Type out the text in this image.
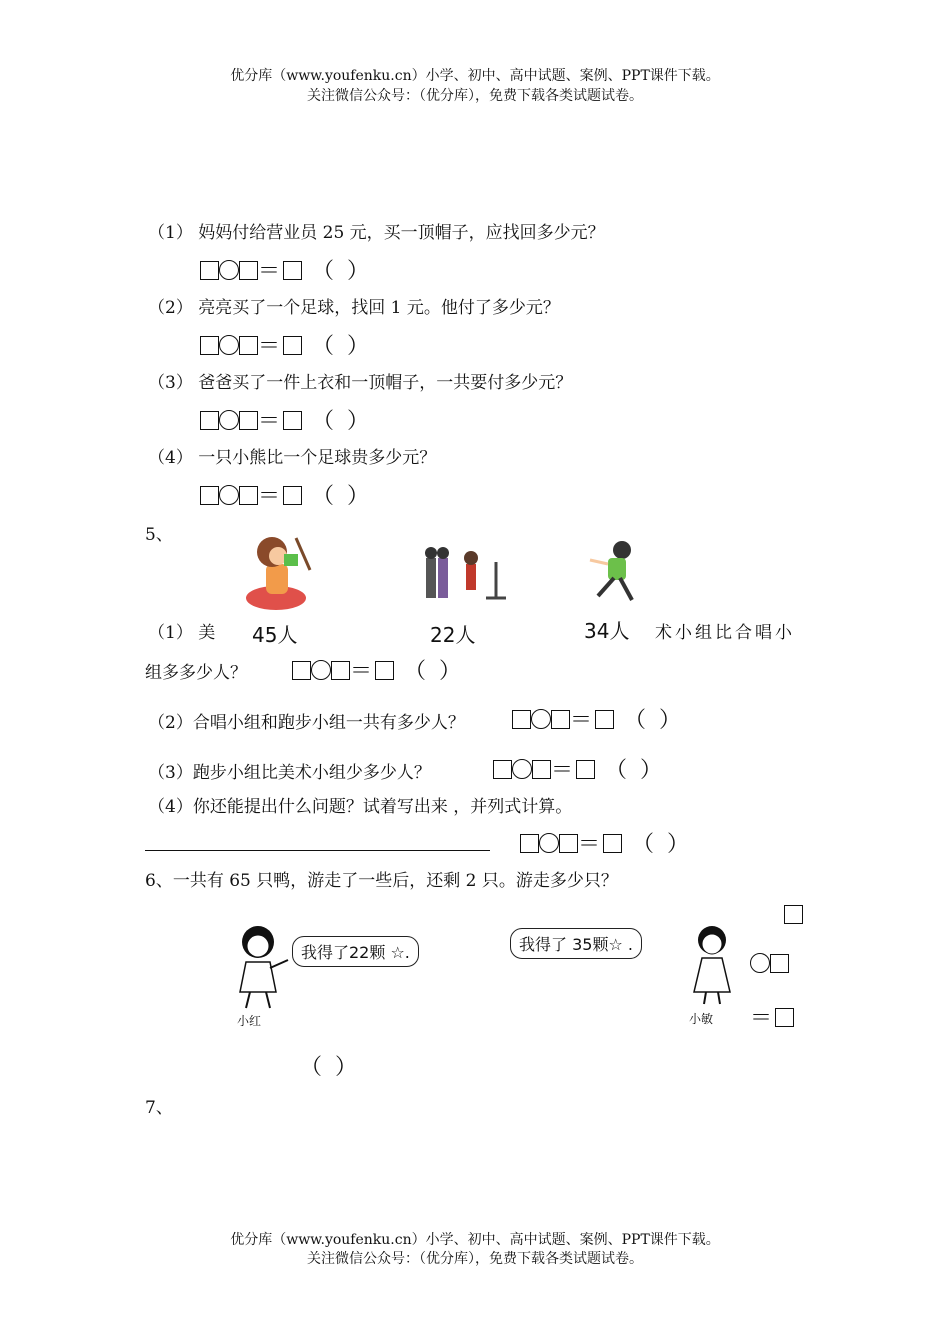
优分库（www.youfenku.cn）小学、初中、高中试题、案例、PPT课件下载。
关注微信公众号：（优分库），免费下载各类试题试卷。
（1） 妈妈付给营业员 25 元，买一顶帽子，应找回多少元？
＝ （ ）
（2） 亮亮买了一个足球，找回 1 元。他付了多少元？
＝ （ ）
（3） 爸爸买了一件上衣和一顶帽子，一共要付多少元？
＝ （ ）
（4） 一只小熊比一个足球贵多少元？
＝ （ ）
5、
（1） 美 45人	22人	34人 术小组比合唱小
组多多少人？	＝ （ ）
（2）合唱小组和跑步小组一共有多少人？	＝ （ ）
（3）跑步小组比美术小组少多少人？	＝ （ ）
（4）你还能提出什么问题？试着写出来 ，并列式计算。
＝ （ ）
6、一共有 65 只鸭，游走了一些后，还剩 2 只。游走多少只？
我得了22颗 ☆.
小红
我得了 35颗☆ .
小敏 ＝
（ ）
7、
优分库（www.youfenku.cn）小学、初中、高中试题、案例、PPT课件下载。
关注微信公众号：（优分库），免费下载各类试题试卷。
